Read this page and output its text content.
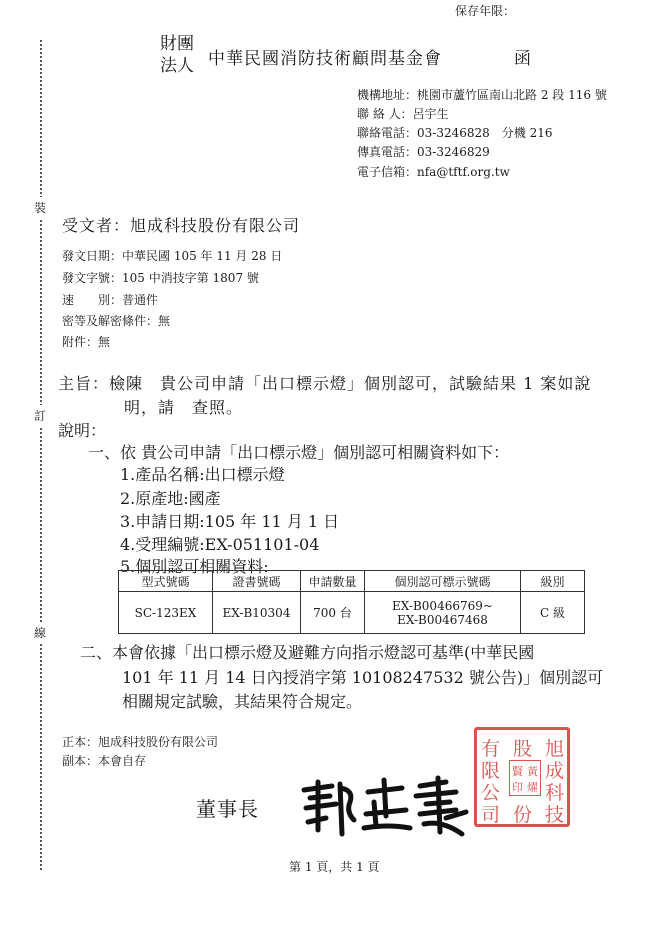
裝
訂
線
保存年限：
財團
法人 中華民國消防技術顧問基金會	函
機構地址：桃園市蘆竹區南山北路 2 段 116 號
聯 絡 人：呂宇生
聯絡電話：03-3246828　分機 216
傳真電話：03-3246829
電子信箱：nfa@tftf.org.tw
受文者：旭成科技股份有限公司
發文日期：中華民國 105 年 11 月 28 日
發文字號：105 中消技字第 1807 號
速　　別：普通件
密等及解密條件：無
附件：無
主旨：檢陳　貴公司申請「出口標示燈」個別認可，試驗結果 1 案如說
明，請　查照。
說明：
一、依 貴公司申請「出口標示燈」個別認可相關資料如下：
1.產品名稱:出口標示燈
2.原產地:國產
3.申請日期:105 年 11 月 1 日
4.受理編號:EX-051101-04
5.個別認可相關資料:
型式號碼	證書號碼	申請數量	個別認可標示號碼	級別
SC-123EX	EX-B10304	700 台	EX-B00466769~
EX-B00467468	C 級
二、本會依據「出口標示燈及避難方向指示燈認可基準(中華民國
101 年 11 月 14 日內授消字第 10108247532 號公告)」個別認可
相關規定試驗，其結果符合規定。
正本：旭成科技股份有限公司
副本：本會自存
董事長
旭
成
科
技
股
份
有
限
公
司
黃
賢
燿
印
第 1 頁，共 1 頁
